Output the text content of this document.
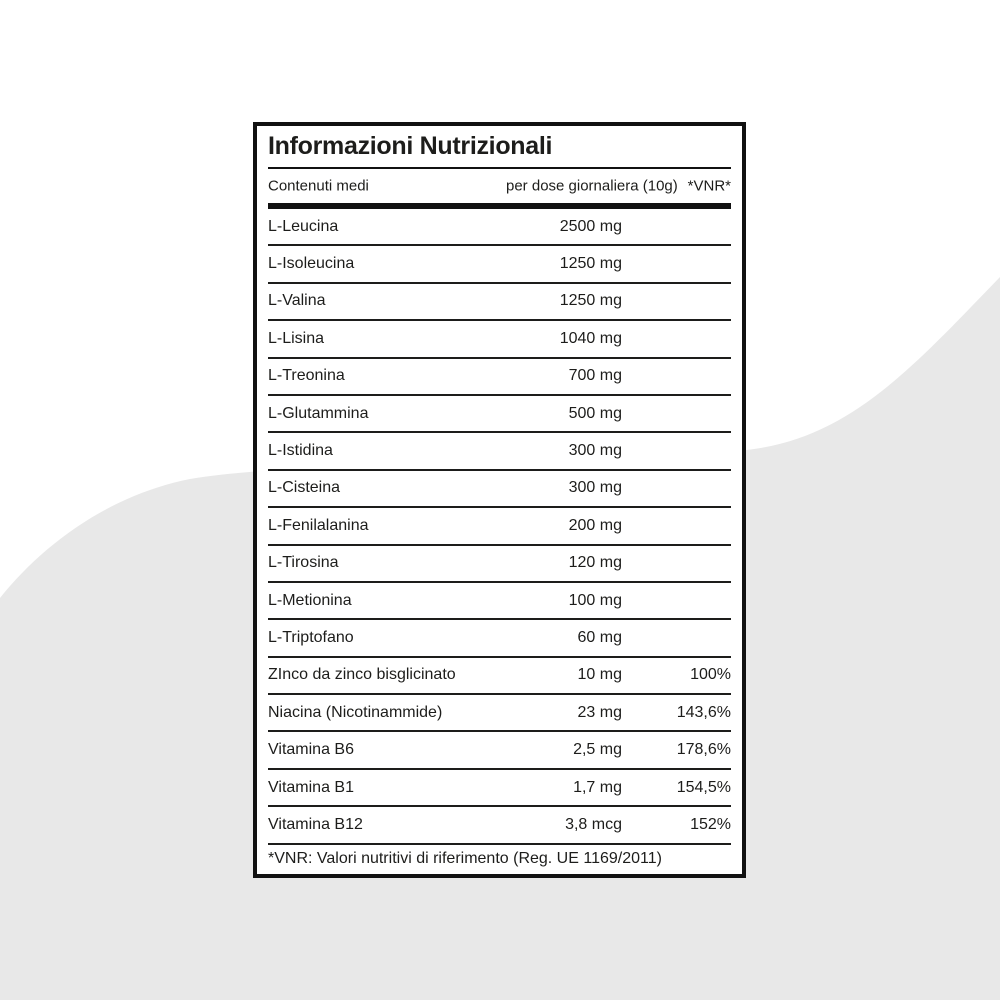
Informazioni Nutrizionali
Contenuti medi	per dose giornaliera (10g) *VNR*
L-Leucina	2500 mg
L-Isoleucina	1250 mg
L-Valina	1250 mg
L-Lisina	1040 mg
L-Treonina	700 mg
L-Glutammina	500 mg
L-Istidina	300 mg
L-Cisteina	300 mg
L-Fenilalanina	200 mg
L-Tirosina	120 mg
L-Metionina	100 mg
L-Triptofano	60 mg
ZInco da zinco bisglicinato	10 mg	100%
Niacina (Nicotinammide)	23 mg	143,6%
Vitamina B6	2,5 mg	178,6%
Vitamina B1	1,7 mg	154,5%
Vitamina B12	3,8 mcg	152%
*VNR: Valori nutritivi di riferimento (Reg. UE 1169/2011)
